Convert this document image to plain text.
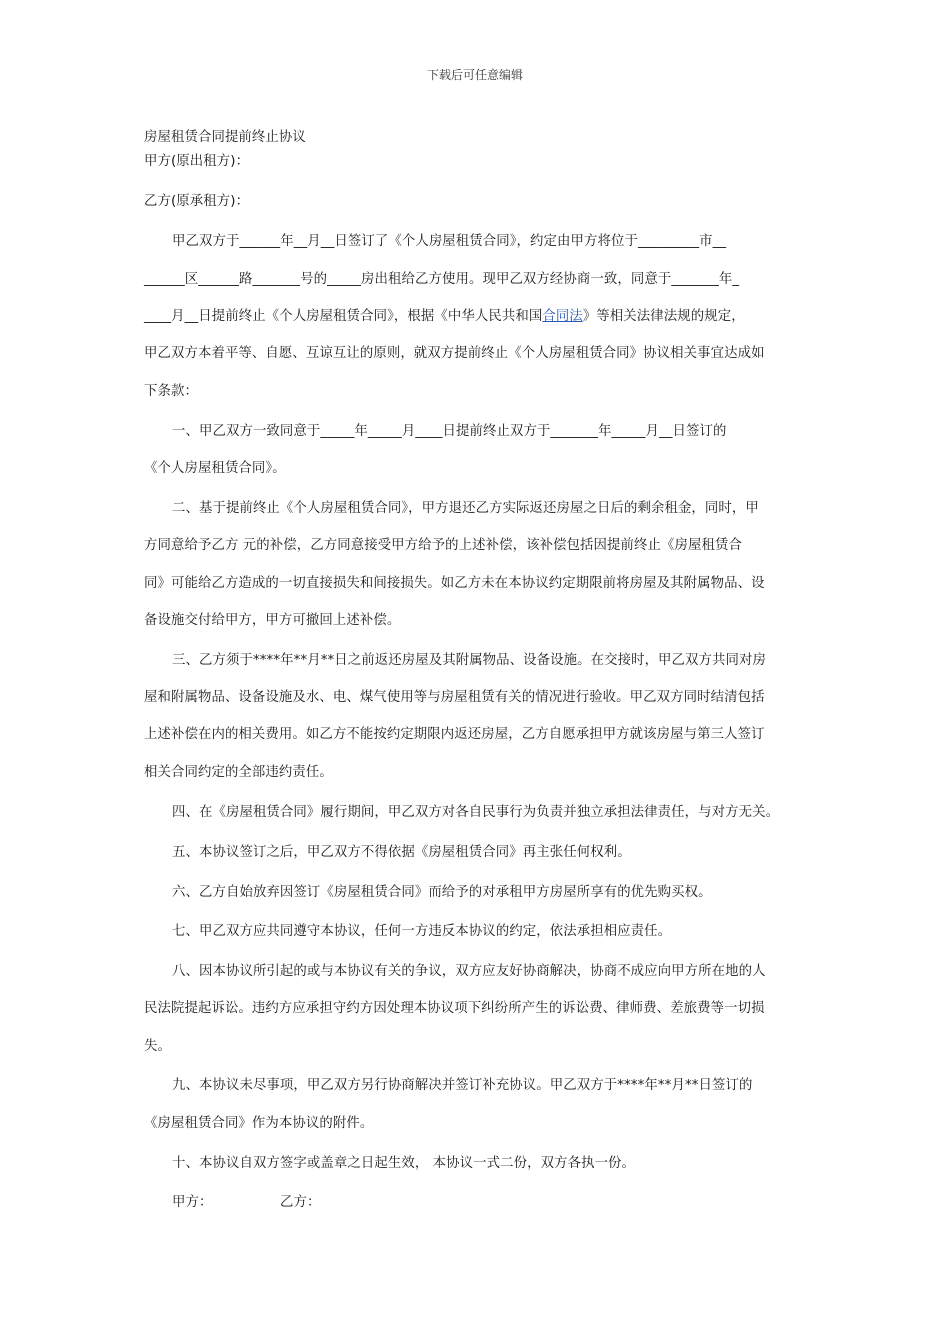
下载后可任意编辑
房屋租赁合同提前终止协议
甲方(原出租方)：
乙方(原承租方)：
甲乙双方于______年__月__日签订了《个人房屋租赁合同》，约定由甲方将位于_________市__
______区______路_______号的_____房出租给乙方使用。现甲乙双方经协商一致，同意于_______年_
____月__日提前终止《个人房屋租赁合同》，根据《中华人民共和国合同法》等相关法律法规的规定，
甲乙双方本着平等、自愿、互谅互让的原则，就双方提前终止《个人房屋租赁合同》协议相关事宜达成如
下条款：
一、甲乙双方一致同意于_____年_____月____日提前终止双方于_______年_____月__日签订的
《个人房屋租赁合同》。
二、基于提前终止《个人房屋租赁合同》，甲方退还乙方实际返还房屋之日后的剩余租金，同时，甲
方同意给予乙方 元的补偿，乙方同意接受甲方给予的上述补偿，该补偿包括因提前终止《房屋租赁合
同》可能给乙方造成的一切直接损失和间接损失。如乙方未在本协议约定期限前将房屋及其附属物品、设
备设施交付给甲方，甲方可撤回上述补偿。
三、乙方须于****年**月**日之前返还房屋及其附属物品、设备设施。在交接时，甲乙双方共同对房
屋和附属物品、设备设施及水、电、煤气使用等与房屋租赁有关的情况进行验收。甲乙双方同时结清包括
上述补偿在内的相关费用。如乙方不能按约定期限内返还房屋，乙方自愿承担甲方就该房屋与第三人签订
相关合同约定的全部违约责任。
四、在《房屋租赁合同》履行期间，甲乙双方对各自民事行为负责并独立承担法律责任，与对方无关。
五、本协议签订之后，甲乙双方不得依据《房屋租赁合同》再主张任何权利。
六、乙方自始放弃因签订《房屋租赁合同》而给予的对承租甲方房屋所享有的优先购买权。
七、甲乙双方应共同遵守本协议，任何一方违反本协议的约定，依法承担相应责任。
八、因本协议所引起的或与本协议有关的争议，双方应友好协商解决，协商不成应向甲方所在地的人
民法院提起诉讼。违约方应承担守约方因处理本协议项下纠纷所产生的诉讼费、律师费、差旅费等一切损
失。
九、本协议未尽事项，甲乙双方另行协商解决并签订补充协议。甲乙双方于****年**月**日签订的
《房屋租赁合同》作为本协议的附件。
十、本协议自双方签字或盖章之日起生效， 本协议一式二份，双方各执一份。
甲方：	乙方：
